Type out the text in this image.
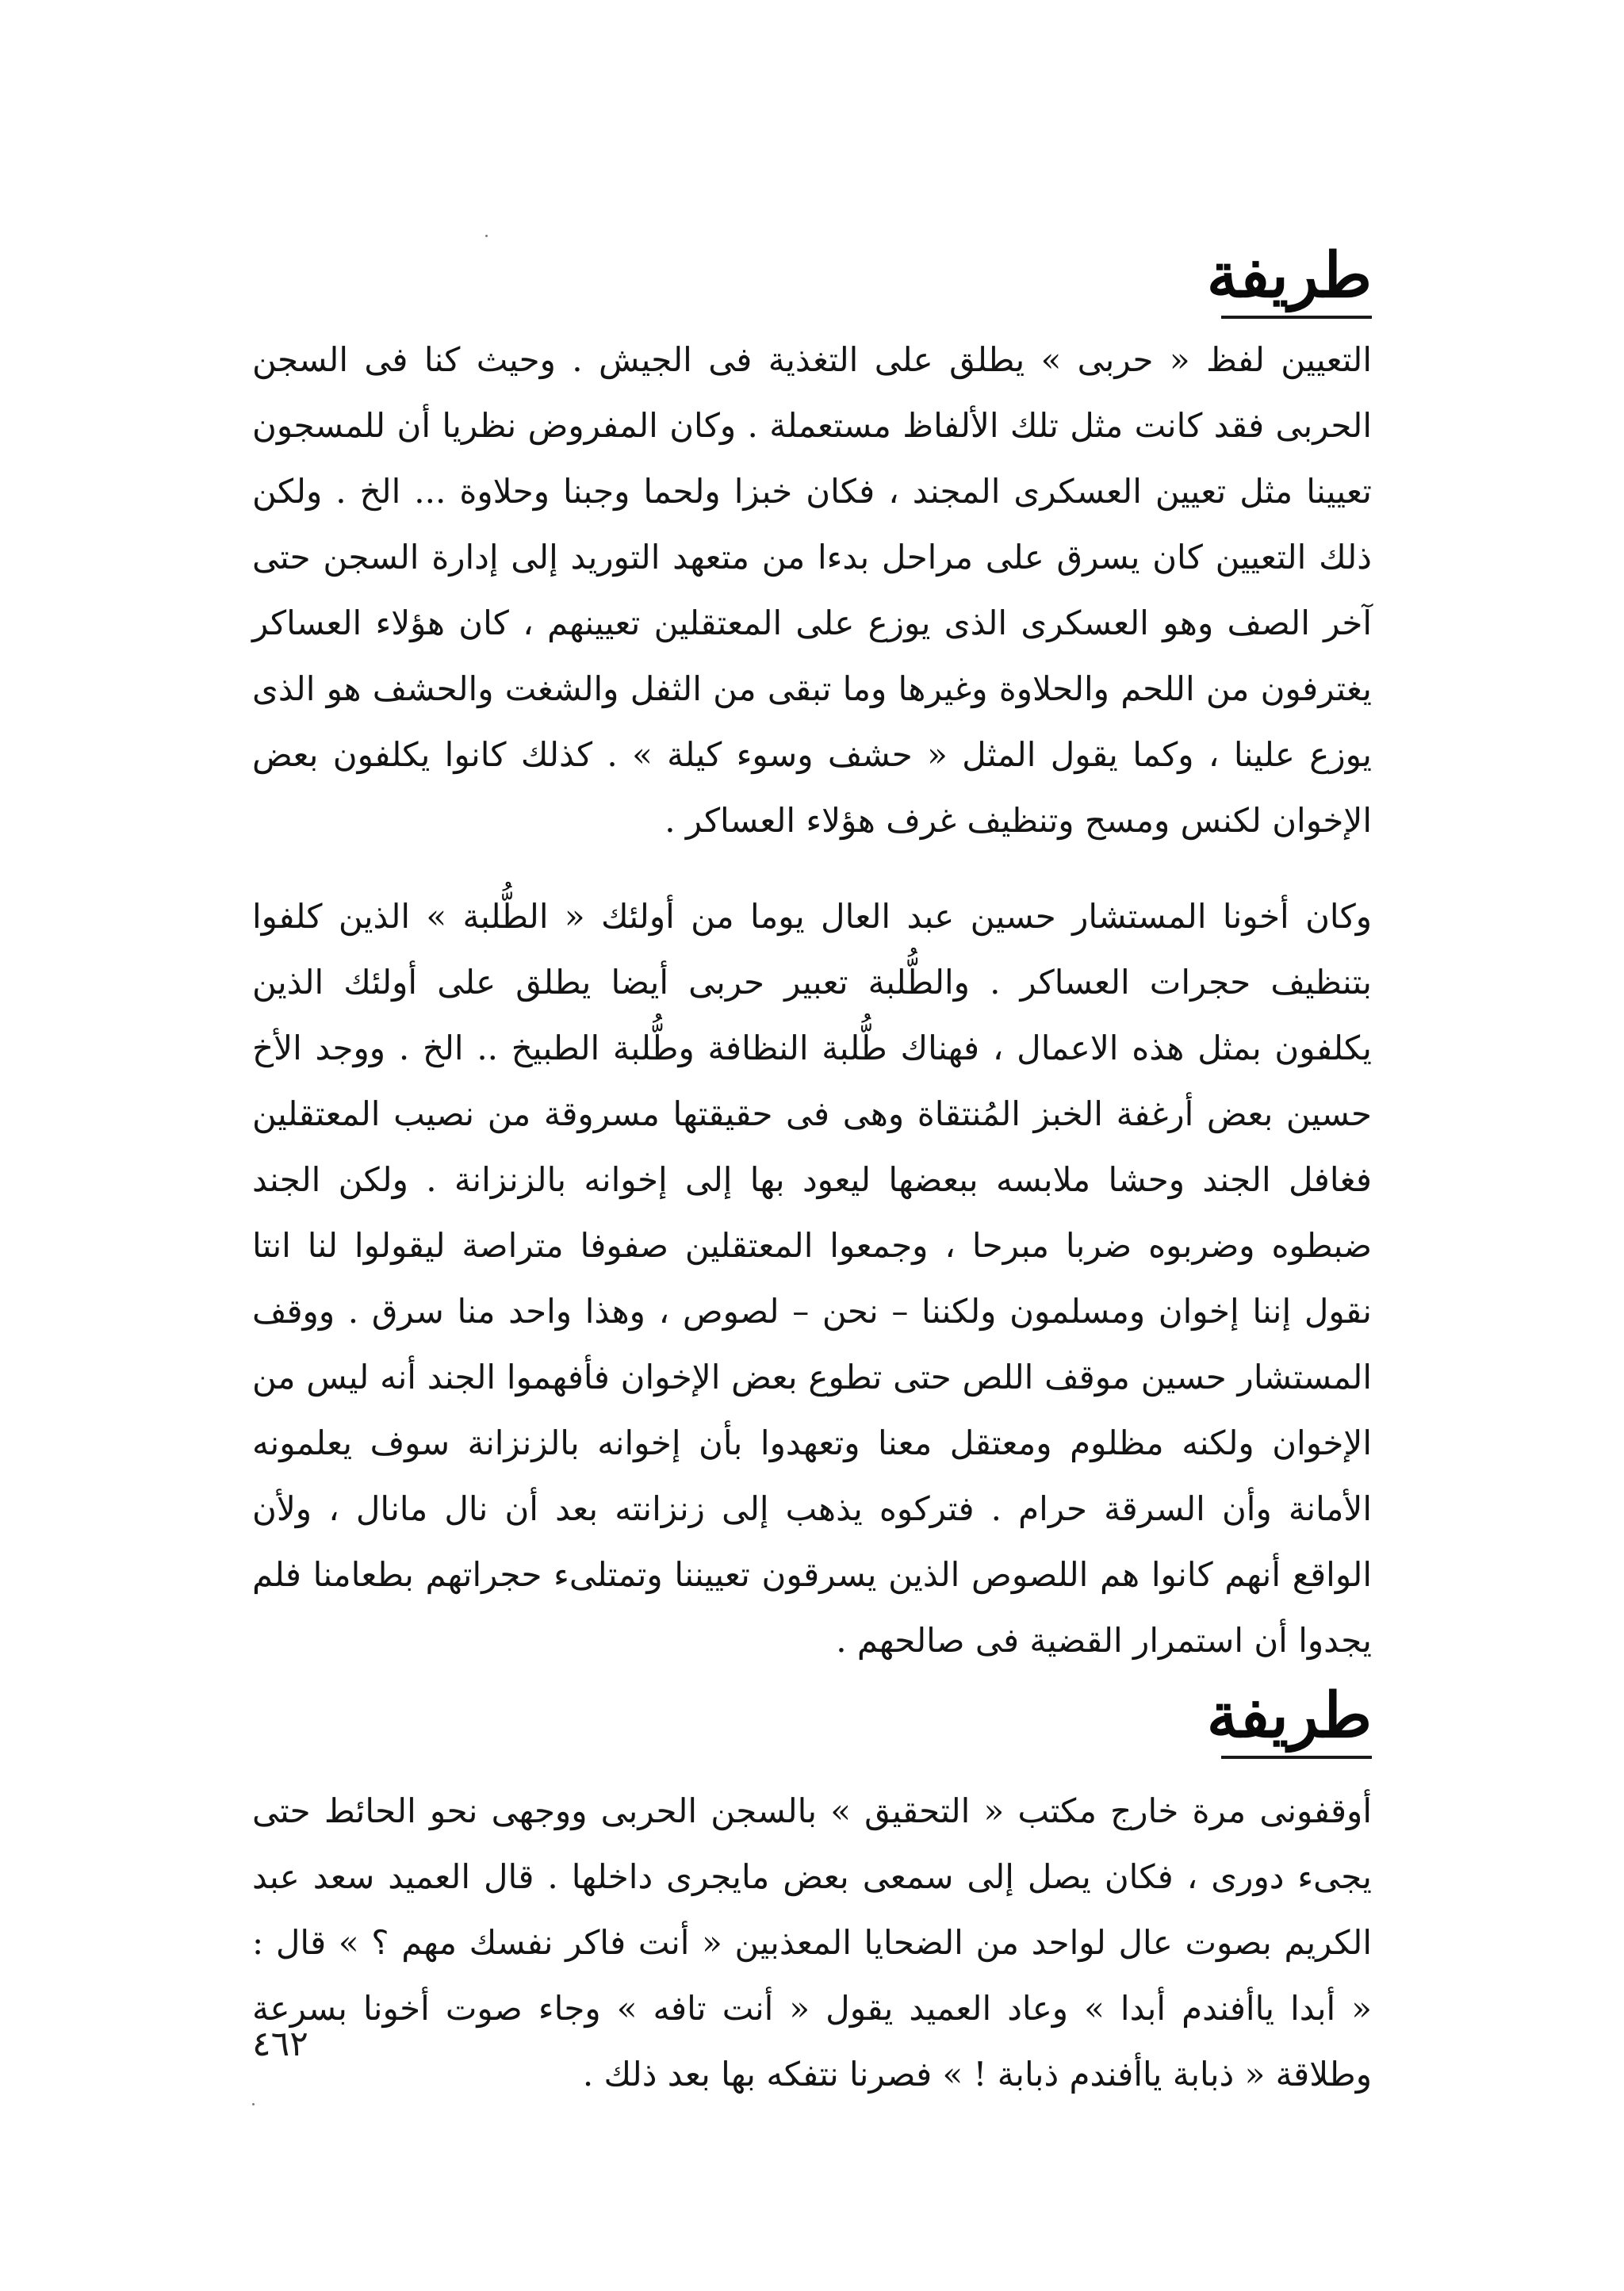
طريفة

التعيين لفظ « حربى » يطلق على التغذية فى الجيش . وحيث كنا فى السجن الحربى فقد كانت مثل تلك الألفاظ مستعملة . وكان المفروض نظريا أن للمسجون تعيينا مثل تعيين العسكرى المجند ، فكان خبزا ولحما وجبنا وحلاوة ... الخ . ولكن ذلك التعيين كان يسرق على مراحل بدءا من متعهد التوريد إلى إدارة السجن حتى آخر الصف وهو العسكرى الذى يوزع على المعتقلين تعيينهم ، كان هؤلاء العساكر يغترفون من اللحم والحلاوة وغيرها وما تبقى من الثفل والشغت والحشف هو الذى يوزع علينا ، وكما يقول المثل « حشف وسوء كيلة » . كذلك كانوا يكلفون بعض الإخوان لكنس ومسح وتنظيف غرف هؤلاء العساكر .

وكان أخونا المستشار حسين عبد العال يوما من أولئك « الطُّلبة » الذين كلفوا بتنظيف حجرات العساكر . والطُّلبة تعبير حربى أيضا يطلق على أولئك الذين يكلفون بمثل هذه الاعمال ، فهناك طُّلبة النظافة وطُّلبة الطبيخ .. الخ . ووجد الأخ حسين بعض أرغفة الخبز المُنتقاة وهى فى حقيقتها مسروقة من نصيب المعتقلين فغافل الجند وحشا ملابسه ببعضها ليعود بها إلى إخوانه بالزنزانة . ولكن الجند ضبطوه وضربوه ضربا مبرحا ، وجمعوا المعتقلين صفوفا متراصة ليقولوا لنا انتا نقول إننا إخوان ومسلمون ولكننا – نحن – لصوص ، وهذا واحد منا سرق . ووقف المستشار حسين موقف اللص حتى تطوع بعض الإخوان فأفهموا الجند أنه ليس من الإخوان ولكنه مظلوم ومعتقل معنا وتعهدوا بأن إخوانه بالزنزانة سوف يعلمونه الأمانة وأن السرقة حرام . فتركوه يذهب إلى زنزانته بعد أن نال مانال ، ولأن الواقع أنهم كانوا هم اللصوص الذين يسرقون تعييننا وتمتلىء حجراتهم بطعامنا فلم يجدوا أن استمرار القضية فى صالحهم .

طريفة

أوقفونى مرة خارج مكتب « التحقيق » بالسجن الحربى ووجهى نحو الحائط حتى يجىء دورى ، فكان يصل إلى سمعى بعض مايجرى داخلها . قال العميد سعد عبد الكريم بصوت عال لواحد من الضحايا المعذبين « أنت فاكر نفسك مهم ؟ » قال : « أبدا ياأفندم أبدا » وعاد العميد يقول « أنت تافه » وجاء صوت أخونا بسرعة وطلاقة « ذبابة ياأفندم ذبابة ! » فصرنا نتفكه بها بعد ذلك .

٤٦٢
